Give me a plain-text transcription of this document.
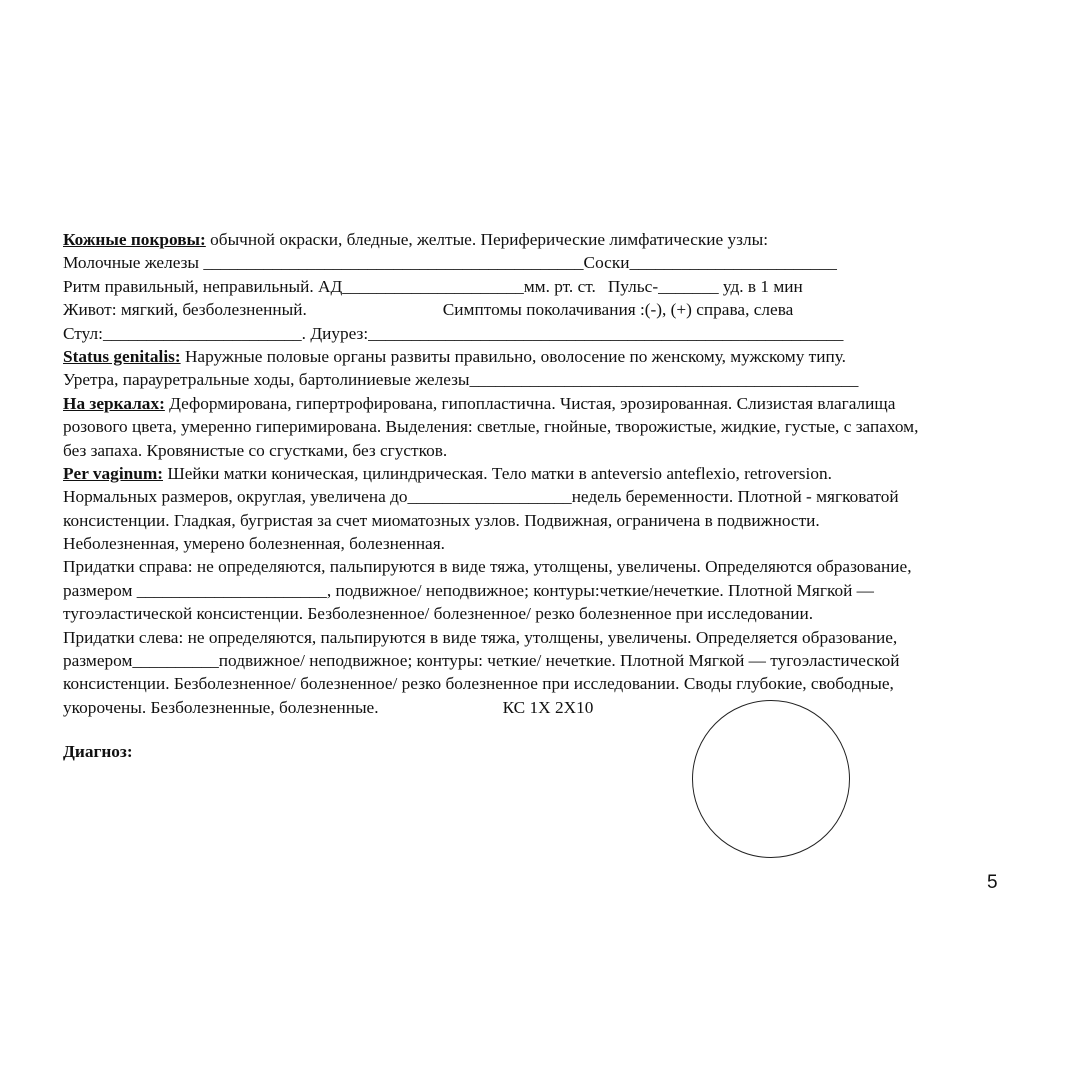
Кожные покровы: обычной окраски, бледные, желтые. Периферические лимфатические узлы:
Молочные железы ____________________________________________Соски________________________
Ритм правильный, неправильный. АД_____________________мм. рт. ст. Пульс-_______ уд. в 1 мин
Живот: мягкий, безболезненный.	Симптомы поколачивания :(-), (+) справа, слева
Стул:_______________________. Диурез:_______________________________________________________
Status genitalis: Наружные половые органы развиты правильно, оволосение по женскому, мужскому типу.
Уретра, парауретральные ходы, бартолиниевые железы_____________________________________________
На зеркалах: Деформирована, гипертрофирована, гипопластична. Чистая, эрозированная. Слизистая влагалища
розового цвета, умеренно гиперимирована. Выделения: светлые, гнойные, творожистые, жидкие, густые, с запахом,
без запаха. Кровянистые со сгустками, без сгустков.
Per vaginum: Шейки матки коническая, цилиндрическая. Тело матки в anteversio anteflexio, retroversion.
Нормальных размеров, округлая, увеличена до___________________недель беременности. Плотной - мягковатой
консистенции. Гладкая, бугристая за счет миоматозных узлов. Подвижная, ограничена в подвижности.
Неболезненная, умерено болезненная, болезненная.
Придатки справа: не определяются, пальпируются в виде тяжа, утолщены, увеличены. Определяются образование,
размером ______________________, подвижное/ неподвижное; контуры:четкие/нечеткие. Плотной Мягкой —
тугоэластической консистенции. Безболезненное/ болезненное/ резко болезненное при исследовании.
Придатки слева: не определяются, пальпируются в виде тяжа, утолщены, увеличены. Определяется образование,
размером__________подвижное/ неподвижное; контуры: четкие/ нечеткие. Плотной Мягкой — тугоэластической
консистенции. Безболезненное/ болезненное/ резко болезненное при исследовании. Своды глубокие, свободные,
укорочены. Безболезненные, болезненные.	КС 1Х 2Х10
Диагноз:
5
